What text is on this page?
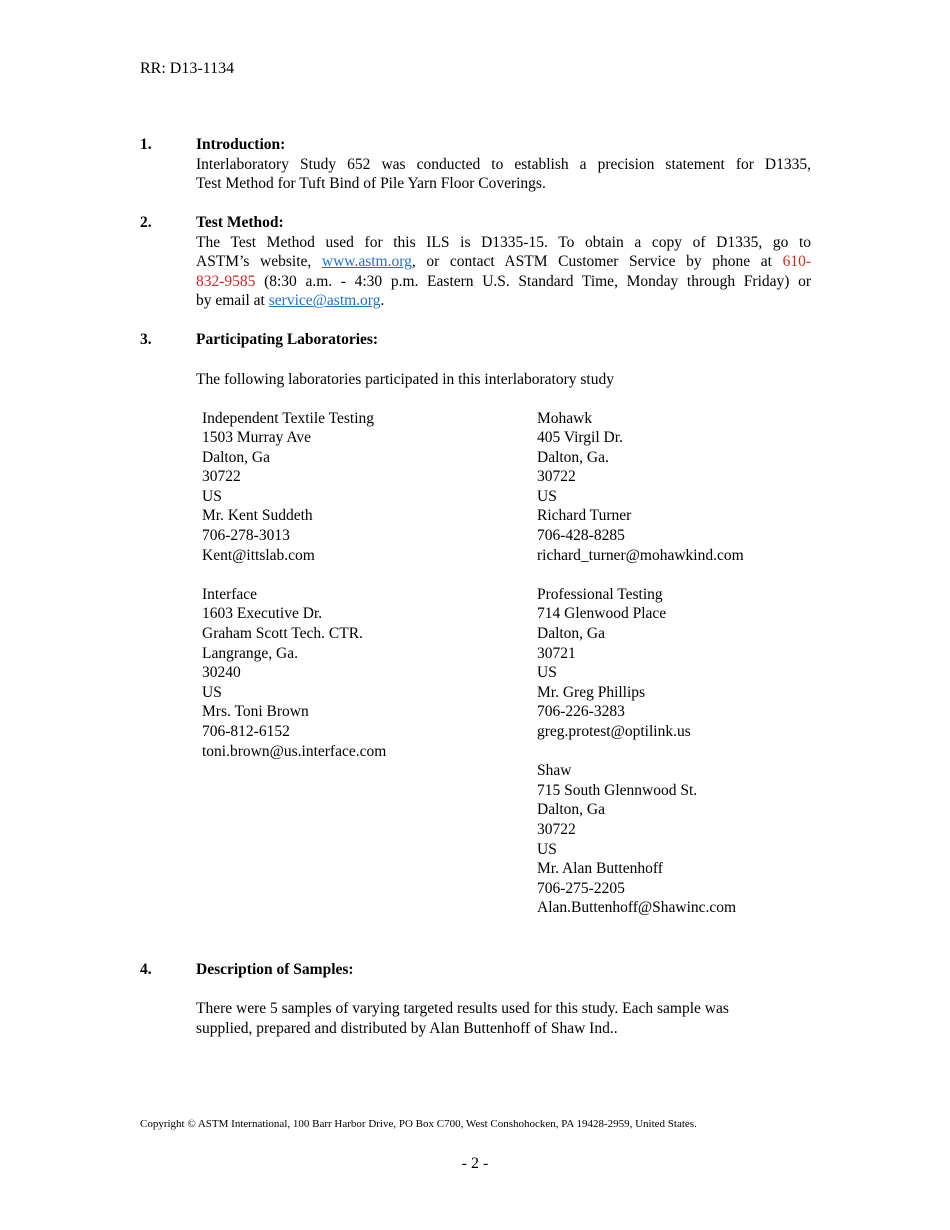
RR: D13-1134
1.	Introduction:
Interlaboratory Study 652 was conducted to establish a precision statement for D1335,
Test Method for Tuft Bind of Pile Yarn Floor Coverings.
2.	Test Method:
The Test Method used for this ILS is D1335-15. To obtain a copy of D1335, go to
ASTM’s website, www.astm.org, or contact ASTM Customer Service by phone at 610-
832-9585 (8:30 a.m. - 4:30 p.m. Eastern U.S. Standard Time, Monday through Friday) or
by email at service@astm.org.
3.	Participating Laboratories:
The following laboratories participated in this interlaboratory study
Independent Textile Testing
1503 Murray Ave
Dalton, Ga
30722
US
Mr. Kent Suddeth
706-278-3013
Kent@ittslab.com
Interface
1603 Executive Dr.
Graham Scott Tech. CTR.
Langrange, Ga.
30240
US
Mrs. Toni Brown
706-812-6152
toni.brown@us.interface.com
Mohawk
405 Virgil Dr.
Dalton, Ga.
30722
US
Richard Turner
706-428-8285
richard_turner@mohawkind.com
Professional Testing
714 Glenwood Place
Dalton, Ga
30721
US
Mr. Greg Phillips
706-226-3283
greg.protest@optilink.us
Shaw
715 South Glennwood St.
Dalton, Ga
30722
US
Mr. Alan Buttenhoff
706-275-2205
Alan.Buttenhoff@Shawinc.com
4.	Description of Samples:
There were 5 samples of varying targeted results used for this study. Each sample was
supplied, prepared and distributed by Alan Buttenhoff of Shaw Ind..
Copyright © ASTM International, 100 Barr Harbor Drive, PO Box C700, West Conshohocken, PA 19428-2959, United States.
- 2 -
